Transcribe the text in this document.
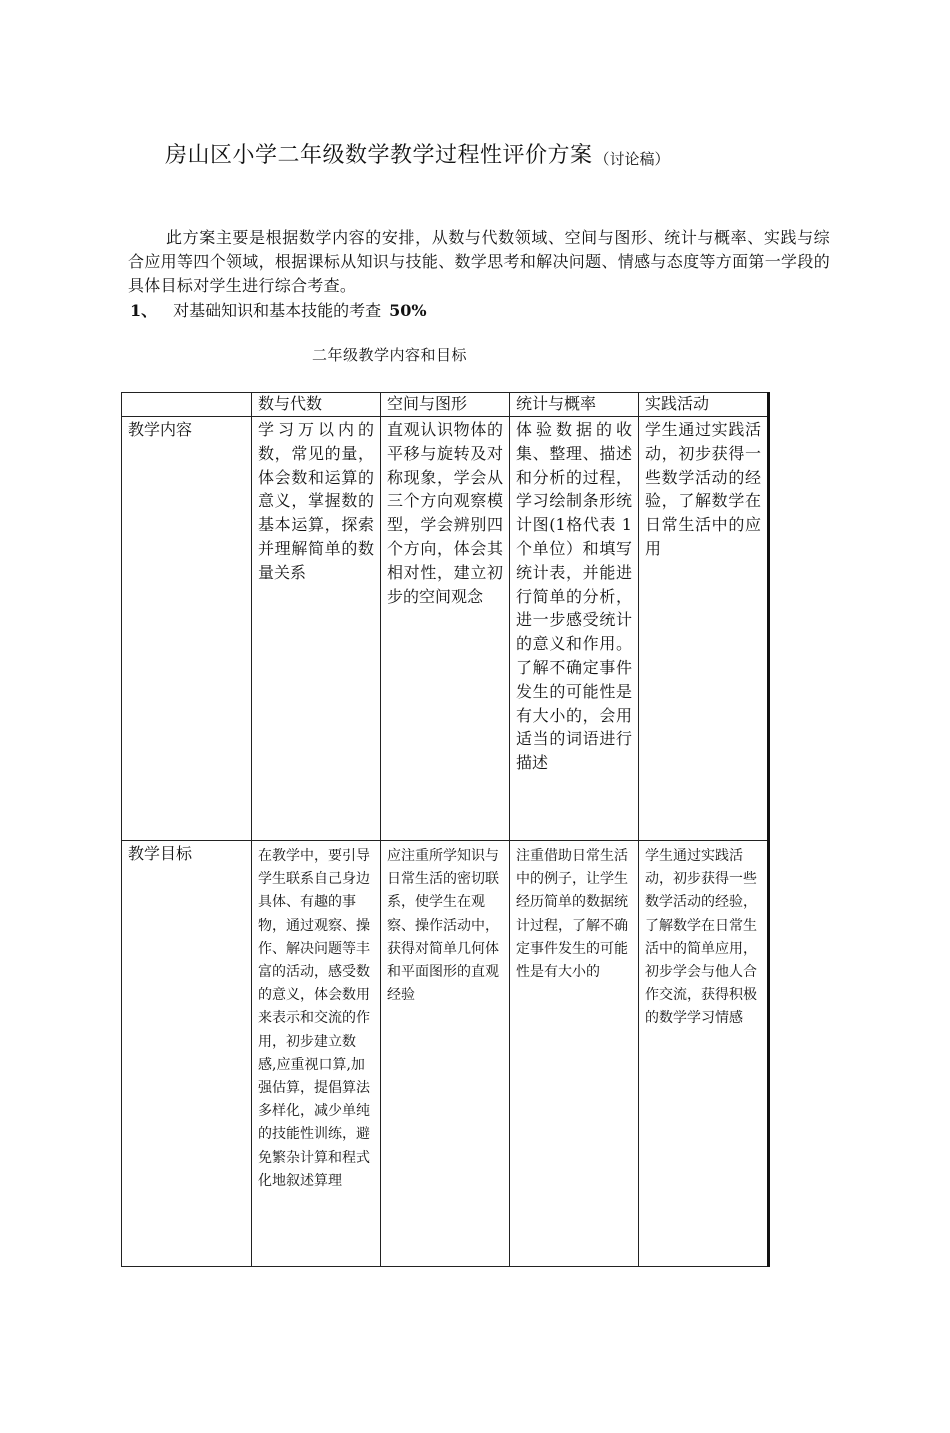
房山区小学二年级数学教学过程性评价方案 （讨论稿）

此方案主要是根据数学内容的安排，从数与代数领域、空间与图形、统计与概率、实践与综合应用等四个领域，根据课标从知识与技能、数学思考和解决问题、情感与态度等方面第一学段的具体目标对学生进行综合考查。

1、 对基础知识和基本技能的考查 50%
二年级教学内容和目标
	数与代数	空间与图形	统计与概率	实践活动
教学内容	学习万以内的数，常见的量，体会数和运算的意义，掌握数的基本运算，探索并理解简单的数量关系	直观认识物体的平移与旋转及对称现象，学会从三个方向观察模型，学会辨别四个方向，体会其相对性，建立初步的空间观念	体验数据的收集、整理、描述和分析的过程，学习绘制条形统计图(1格代表 1 个单位）和填写统计表，并能进行简单的分析，进一步感受统计的意义和作用。了解不确定事件发生的可能性是有大小的，会用适当的词语进行描述	学生通过实践活动，初步获得一些数学活动的经验，了解数学在日常生活中的应用
教学目标	在教学中，要引导学生联系自己身边具体、有趣的事物，通过观察、操作、解决问题等丰富的活动，感受数的意义，体会数用来表示和交流的作用，初步建立数感,应重视口算,加强估算，提倡算法多样化，减少单纯的技能性训练，避免繁杂计算和程式化地叙述算理	应注重所学知识与日常生活的密切联系，使学生在观察、操作活动中，获得对简单几何体和平面图形的直观经验	注重借助日常生活中的例子，让学生经历简单的数据统计过程，了解不确定事件发生的可能性是有大小的	学生通过实践活动，初步获得一些数学活动的经验，了解数学在日常生活中的简单应用，初步学会与他人合作交流，获得积极的数学学习情感
